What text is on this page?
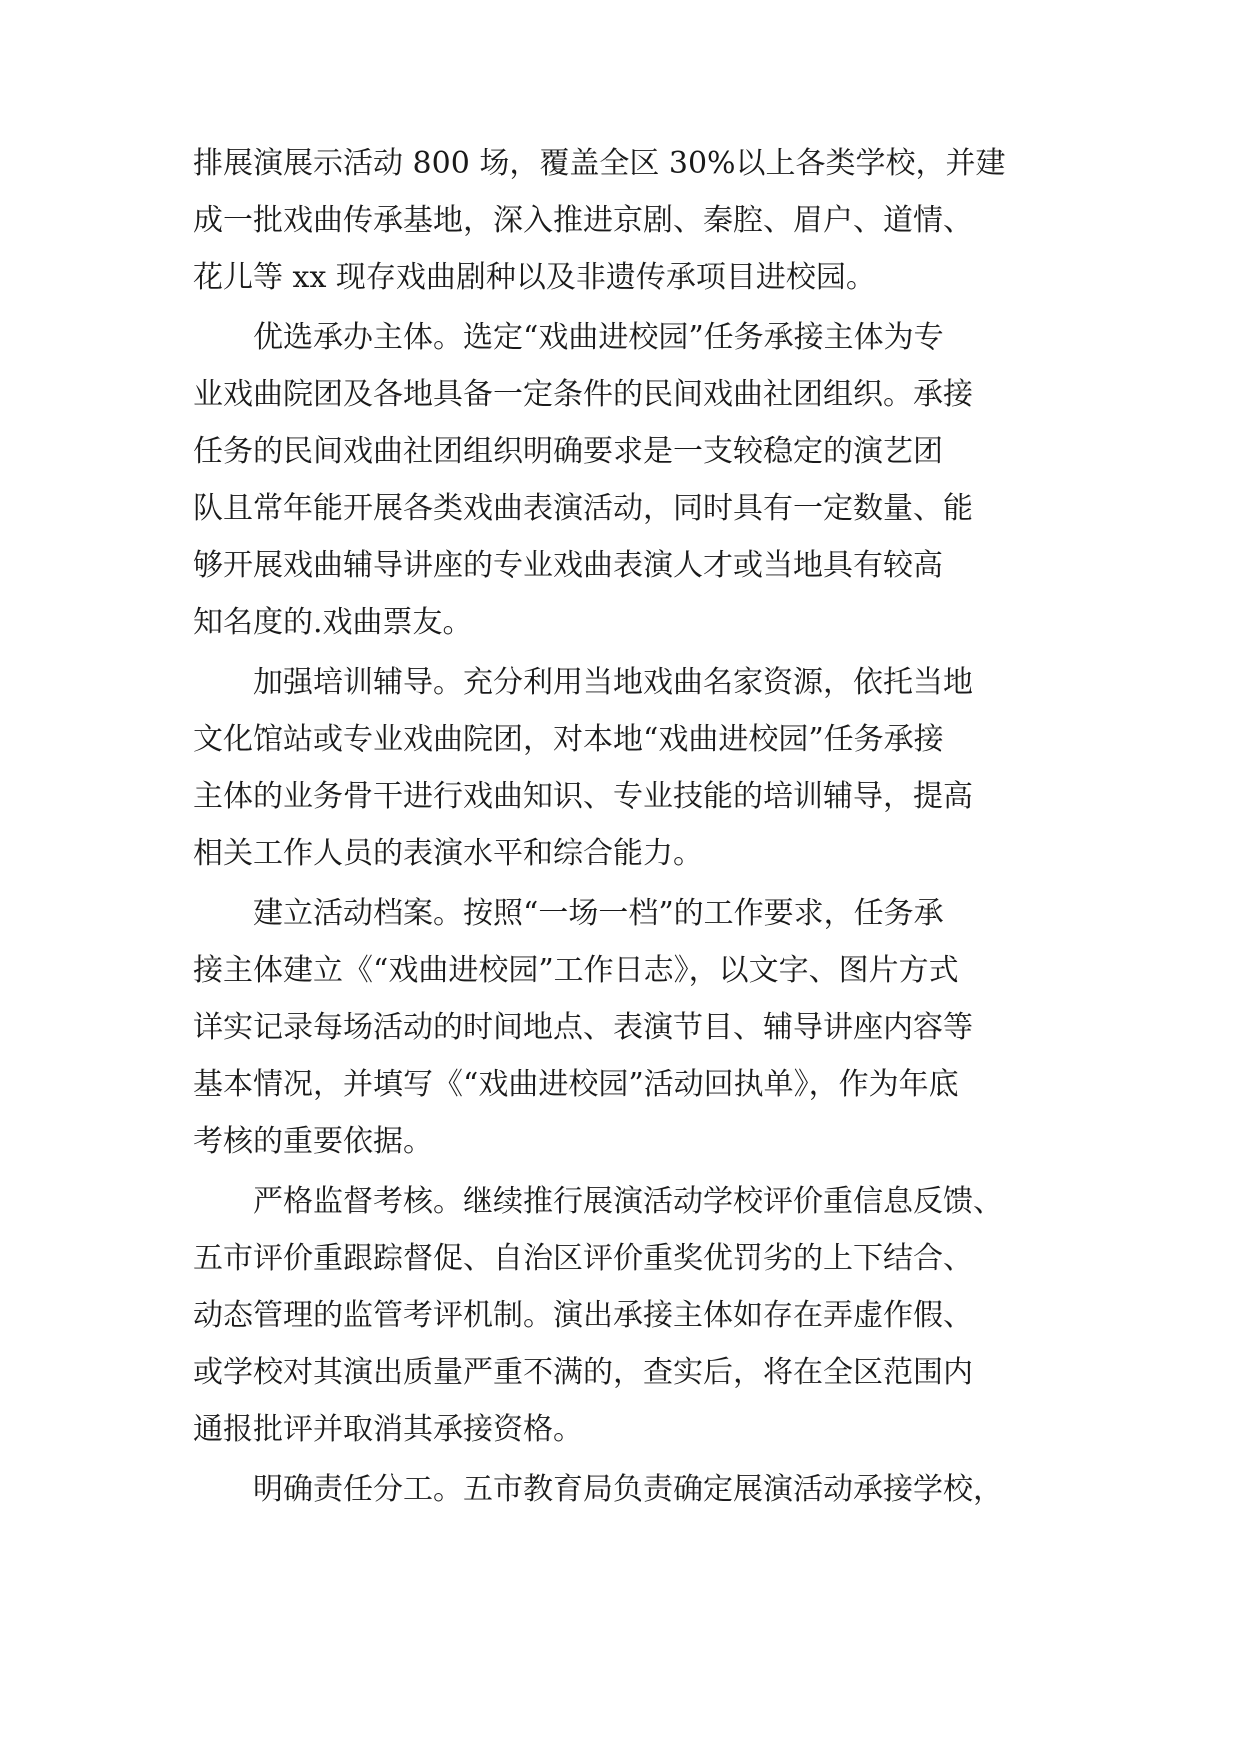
排展演展示活动 800 场，覆盖全区 30%以上各类学校，并建
成一批戏曲传承基地，深入推进京剧、秦腔、眉户、道情、
花儿等 xx 现存戏曲剧种以及非遗传承项目进校园。
优选承办主体。选定“戏曲进校园”任务承接主体为专
业戏曲院团及各地具备一定条件的民间戏曲社团组织。承接
任务的民间戏曲社团组织明确要求是一支较稳定的演艺团
队且常年能开展各类戏曲表演活动，同时具有一定数量、能
够开展戏曲辅导讲座的专业戏曲表演人才或当地具有较高
知名度的.戏曲票友。
加强培训辅导。充分利用当地戏曲名家资源，依托当地
文化馆站或专业戏曲院团，对本地“戏曲进校园”任务承接
主体的业务骨干进行戏曲知识、专业技能的培训辅导，提高
相关工作人员的表演水平和综合能力。
建立活动档案。按照“一场一档”的工作要求，任务承
接主体建立《“戏曲进校园”工作日志》，以文字、图片方式
详实记录每场活动的时间地点、表演节目、辅导讲座内容等
基本情况，并填写《“戏曲进校园”活动回执单》，作为年底
考核的重要依据。
严格监督考核。继续推行展演活动学校评价重信息反馈、
五市评价重跟踪督促、自治区评价重奖优罚劣的上下结合、
动态管理的监管考评机制。演出承接主体如存在弄虚作假、
或学校对其演出质量严重不满的，查实后，将在全区范围内
通报批评并取消其承接资格。
明确责任分工。五市教育局负责确定展演活动承接学校，
